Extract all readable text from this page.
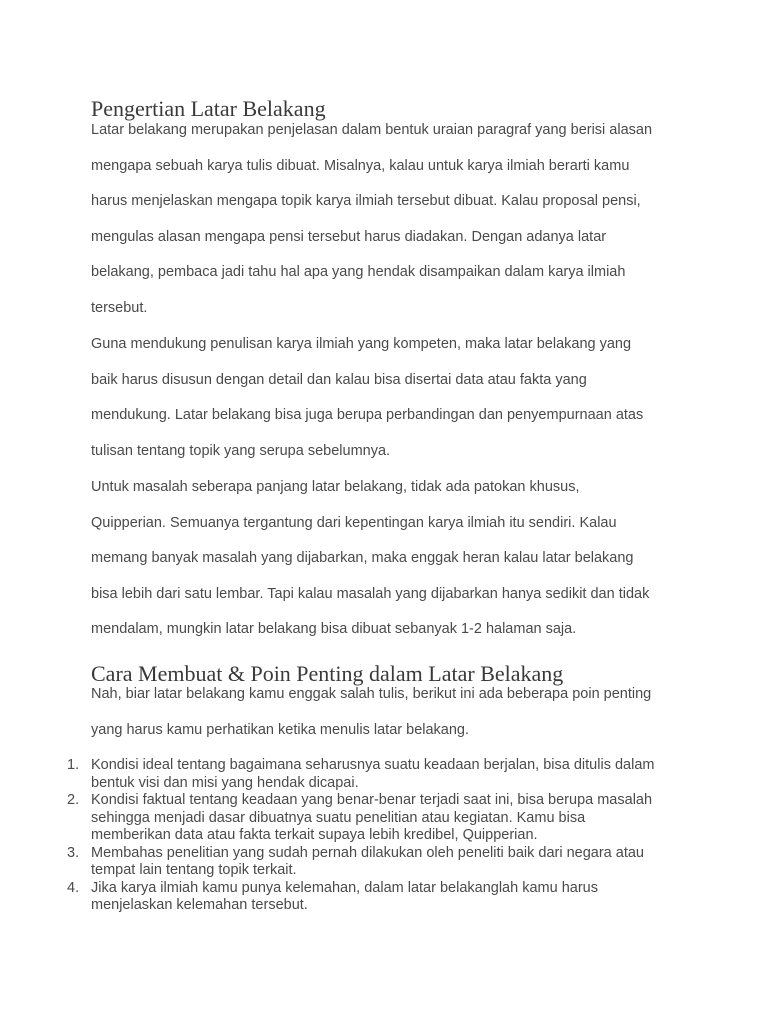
Pengertian Latar Belakang

Latar belakang merupakan penjelasan dalam bentuk uraian paragraf yang berisi alasan
mengapa sebuah karya tulis dibuat. Misalnya, kalau untuk karya ilmiah berarti kamu
harus menjelaskan mengapa topik karya ilmiah tersebut dibuat. Kalau proposal pensi,
mengulas alasan mengapa pensi tersebut harus diadakan. Dengan adanya latar
belakang, pembaca jadi tahu hal apa yang hendak disampaikan dalam karya ilmiah
tersebut.

Guna mendukung penulisan karya ilmiah yang kompeten, maka latar belakang yang
baik harus disusun dengan detail dan kalau bisa disertai data atau fakta yang
mendukung. Latar belakang bisa juga berupa perbandingan dan penyempurnaan atas
tulisan tentang topik yang serupa sebelumnya.

Untuk masalah seberapa panjang latar belakang, tidak ada patokan khusus,
Quipperian. Semuanya tergantung dari kepentingan karya ilmiah itu sendiri. Kalau
memang banyak masalah yang dijabarkan, maka enggak heran kalau latar belakang
bisa lebih dari satu lembar. Tapi kalau masalah yang dijabarkan hanya sedikit dan tidak
mendalam, mungkin latar belakang bisa dibuat sebanyak 1-2 halaman saja.

Cara Membuat & Poin Penting dalam Latar Belakang

Nah, biar latar belakang kamu enggak salah tulis, berikut ini ada beberapa poin penting
yang harus kamu perhatikan ketika menulis latar belakang.

1. Kondisi ideal tentang bagaimana seharusnya suatu keadaan berjalan, bisa ditulis dalam
bentuk visi dan misi yang hendak dicapai.
2. Kondisi faktual tentang keadaan yang benar-benar terjadi saat ini, bisa berupa masalah
sehingga menjadi dasar dibuatnya suatu penelitian atau kegiatan. Kamu bisa
memberikan data atau fakta terkait supaya lebih kredibel, Quipperian.
3. Membahas penelitian yang sudah pernah dilakukan oleh peneliti baik dari negara atau
tempat lain tentang topik terkait.
4. Jika karya ilmiah kamu punya kelemahan, dalam latar belakanglah kamu harus
menjelaskan kelemahan tersebut.
